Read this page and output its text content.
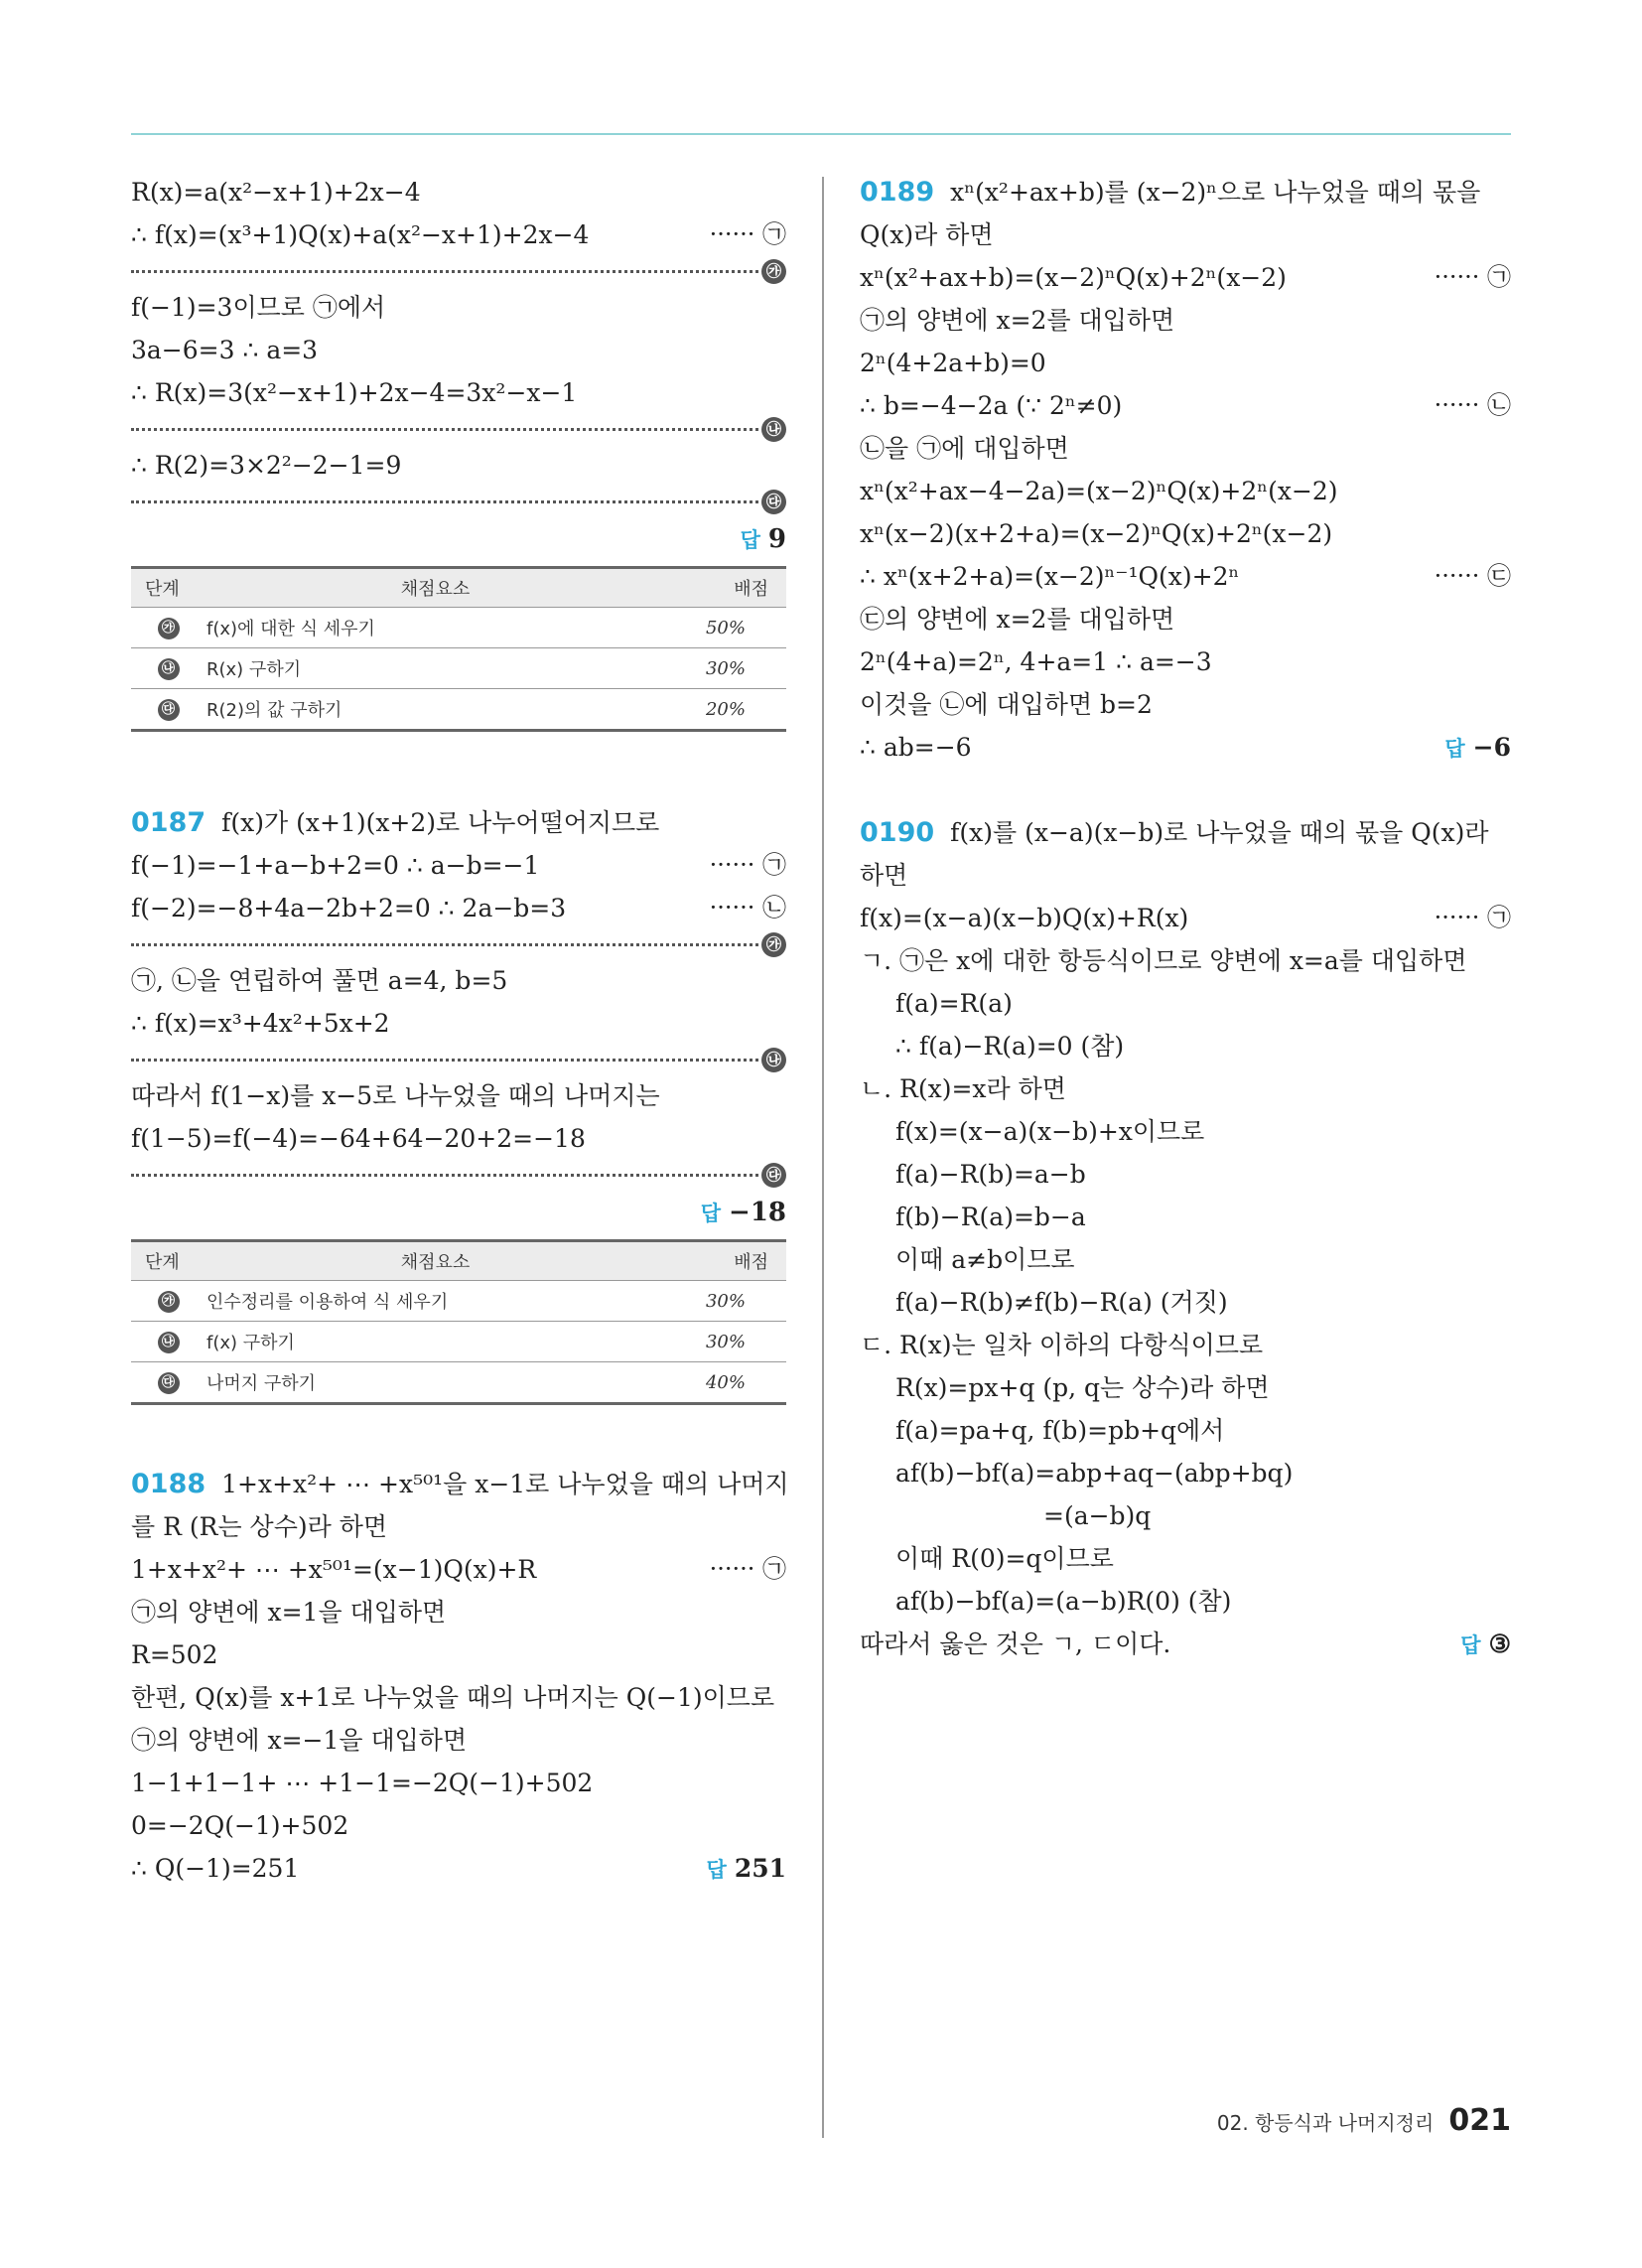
R(x)=a(x²−x+1)+2x−4
∴ f(x)=(x³+1)Q(x)+a(x²−x+1)+2x−4	······ ㉠
㉮
f(−1)=3이므로 ㉠에서
3a−6=3 ∴ a=3
∴ R(x)=3(x²−x+1)+2x−4=3x²−x−1
㉯
∴ R(2)=3×2²−2−1=9
㉰
답 9
단계	채점요소	배점
㉮	f(x)에 대한 식 세우기	50%
㉯	R(x) 구하기	30%
㉰	R(2)의 값 구하기	20%
0187 f(x)가 (x+1)(x+2)로 나누어떨어지므로
f(−1)=−1+a−b+2=0 ∴ a−b=−1	······ ㉠
f(−2)=−8+4a−2b+2=0 ∴ 2a−b=3	······ ㉡
㉮
㉠, ㉡을 연립하여 풀면 a=4, b=5
∴ f(x)=x³+4x²+5x+2
㉯
따라서 f(1−x)를 x−5로 나누었을 때의 나머지는
f(1−5)=f(−4)=−64+64−20+2=−18
㉰
답 −18
단계	채점요소	배점
㉮	인수정리를 이용하여 식 세우기	30%
㉯	f(x) 구하기	30%
㉰	나머지 구하기	40%
0188 1+x+x²+ ⋯ +x⁵⁰¹을 x−1로 나누었을 때의 나머지
를 R (R는 상수)라 하면
1+x+x²+ ⋯ +x⁵⁰¹=(x−1)Q(x)+R	······ ㉠
㉠의 양변에 x=1을 대입하면
R=502
한편, Q(x)를 x+1로 나누었을 때의 나머지는 Q(−1)이므로
㉠의 양변에 x=−1을 대입하면
1−1+1−1+ ⋯ +1−1=−2Q(−1)+502
0=−2Q(−1)+502
∴ Q(−1)=251	답 251
0189 xⁿ(x²+ax+b)를 (x−2)ⁿ으로 나누었을 때의 몫을
Q(x)라 하면
xⁿ(x²+ax+b)=(x−2)ⁿQ(x)+2ⁿ(x−2)	······ ㉠
㉠의 양변에 x=2를 대입하면
2ⁿ(4+2a+b)=0
∴ b=−4−2a (∵ 2ⁿ≠0)	······ ㉡
㉡을 ㉠에 대입하면
xⁿ(x²+ax−4−2a)=(x−2)ⁿQ(x)+2ⁿ(x−2)
xⁿ(x−2)(x+2+a)=(x−2)ⁿQ(x)+2ⁿ(x−2)
∴ xⁿ(x+2+a)=(x−2)ⁿ⁻¹Q(x)+2ⁿ	······ ㉢
㉢의 양변에 x=2를 대입하면
2ⁿ(4+a)=2ⁿ, 4+a=1 ∴ a=−3
이것을 ㉡에 대입하면 b=2
∴ ab=−6	답 −6
0190 f(x)를 (x−a)(x−b)로 나누었을 때의 몫을 Q(x)라
하면
f(x)=(x−a)(x−b)Q(x)+R(x)	······ ㉠
ㄱ. ㉠은 x에 대한 항등식이므로 양변에 x=a를 대입하면
f(a)=R(a)
∴ f(a)−R(a)=0 (참)
ㄴ. R(x)=x라 하면
f(x)=(x−a)(x−b)+x이므로
f(a)−R(b)=a−b
f(b)−R(a)=b−a
이때 a≠b이므로
f(a)−R(b)≠f(b)−R(a) (거짓)
ㄷ. R(x)는 일차 이하의 다항식이므로
R(x)=px+q (p, q는 상수)라 하면
f(a)=pa+q, f(b)=pb+q에서
af(b)−bf(a)=abp+aq−(abp+bq)
=(a−b)q
이때 R(0)=q이므로
af(b)−bf(a)=(a−b)R(0) (참)
따라서 옳은 것은 ㄱ, ㄷ이다.	답 ③
02. 항등식과 나머지정리 021
